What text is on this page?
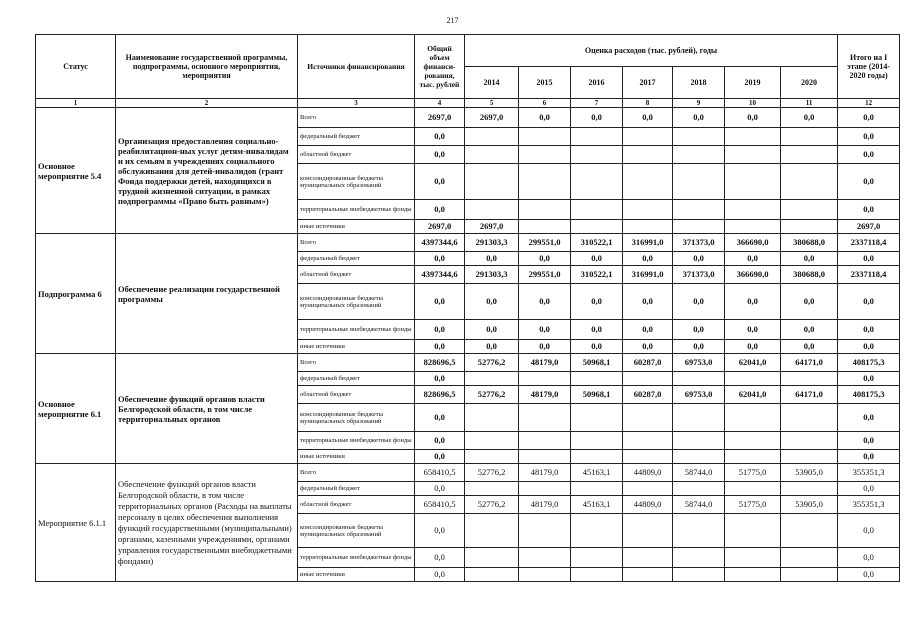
217
Статус	Наименование государственной программы, подпрограммы, основного мероприятия, мероприятия	Источники финансирования	Общий объем финанси-рования, тыс. рублей	Оценка расходов (тыс. рублей), годы							Итого на I этапе (2014-2020 годы)
				2014	2015	2016	2017	2018	2019	2020	
1	2	3	4	5	6	7	8	9	10	11	12
Основное мероприятие 5.4	Организация предоставления социально-реабилитацион-ных услуг детям-инвалидам и их семьям в учреждениях социального обслуживания для детей-инвалидов (грант Фонда поддержки детей, находящихся в трудной жизненной ситуации, в рамках подпрограммы «Право быть равным»)	Всего	2697,0	2697,0	0,0	0,0	0,0	0,0	0,0	0,0	0,0
		федеральный бюджет	0,0								0,0
		областной бюджет	0,0								0,0
		консолидированные бюджеты муниципальных образований	0,0								0,0
		территориальные внебюджетные фонды	0,0								0,0
		иные источники	2697,0	2697,0							2697,0
Подпрограмма 6	Обеспечение реализации государственной программы	Всего	4397344,6	291303,3	299551,0	310522,1	316991,0	371373,0	366690,0	380688,0	2337118,4
		федеральный бюджет	0,0	0,0	0,0	0,0	0,0	0,0	0,0	0,0	0,0
		областной бюджет	4397344,6	291303,3	299551,0	310522,1	316991,0	371373,0	366690,0	380688,0	2337118,4
		консолидированные бюджеты муниципальных образований	0,0	0,0	0,0	0,0	0,0	0,0	0,0	0,0	0,0
		территориальные внебюджетные фонды	0,0	0,0	0,0	0,0	0,0	0,0	0,0	0,0	0,0
		иные источники	0,0	0,0	0,0	0,0	0,0	0,0	0,0	0,0	0,0
Основное мероприятие 6.1	Обеспечение функций органов власти Белгородской области, в том числе территориальных органов	Всего	828696,5	52776,2	48179,0	50968,1	60287,0	69753,0	62041,0	64171,0	408175,3
		федеральный бюджет	0,0								0,0
		областной бюджет	828696,5	52776,2	48179,0	50968,1	60287,0	69753,0	62041,0	64171,0	408175,3
		консолидированные бюджеты муниципальных образований	0,0								0,0
		территориальные внебюджетные фонды	0,0								0,0
		иные источники	0,0								0,0
Мероприятие 6.1.1	Обеспечение функций органов власти Белгородской области, в том числе территориальных органов (Расходы на выплаты персоналу в целях обеспечения выполнения функций государственными (муниципальными) органами, казенными учреждениями, органами управления государственными внебюджетными фондами)	Всего	658410,5	52776,2	48179,0	45163,1	44809,0	58744,0	51775,0	53905,0	355351,3
		федеральный бюджет	0,0								0,0
		областной бюджет	658410,5	52776,2	48179,0	45163,1	44809,0	58744,0	51775,0	53905,0	355351,3
		консолидированные бюджеты муниципальных образований	0,0								0,0
		территориальные внебюджетные фонды	0,0								0,0
		иные источники	0,0								0,0
